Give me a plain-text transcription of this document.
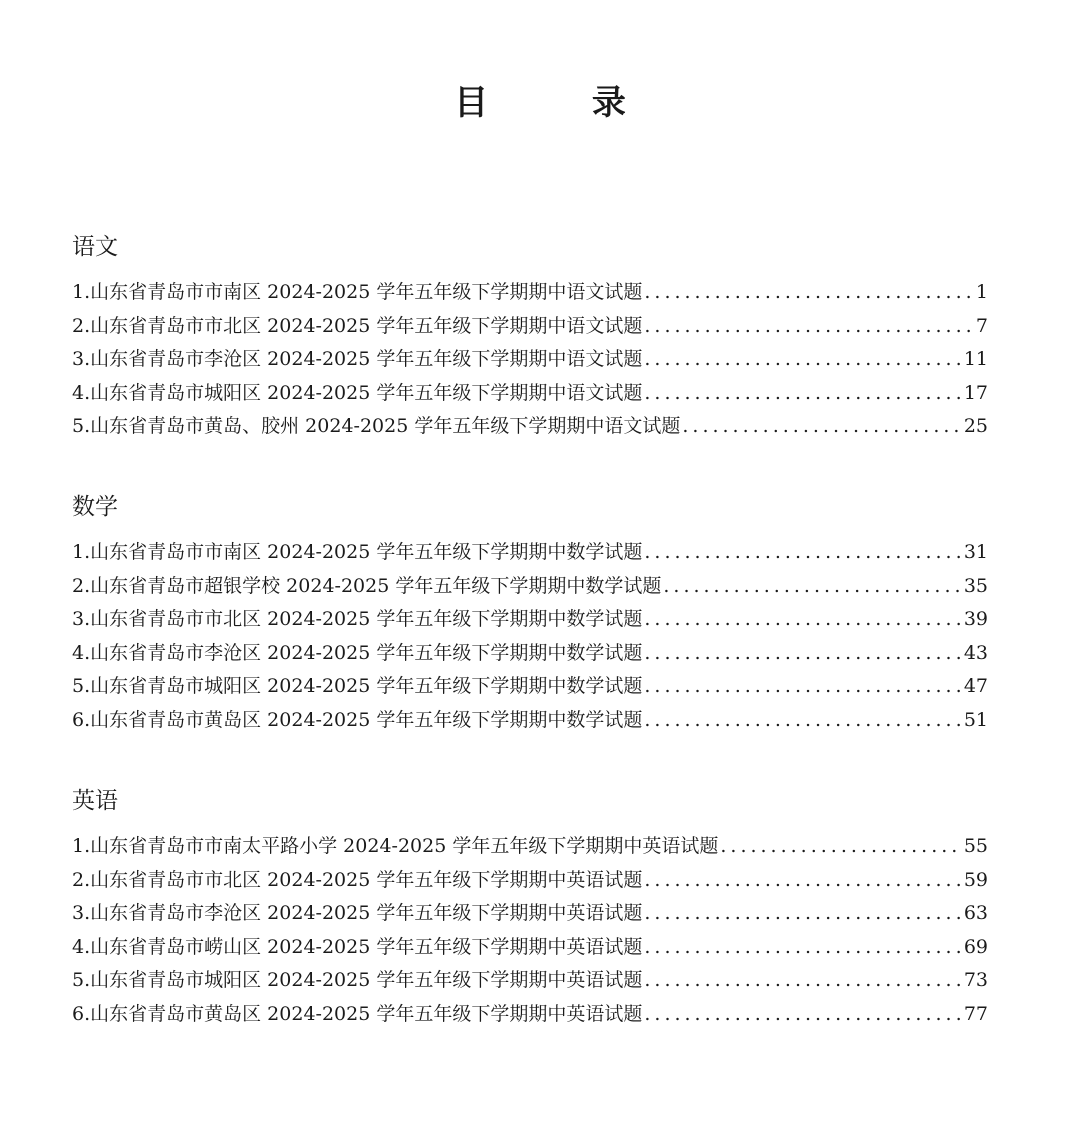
目 录
语文
1. 山东省青岛市市南区 2024-2025 学年五年级下学期期中语文试题 .....	1
2. 山东省青岛市市北区 2024-2025 学年五年级下学期期中语文试题 .....	7
3. 山东省青岛市李沧区 2024-2025 学年五年级下学期期中语文试题 .....	11
4. 山东省青岛市城阳区 2024-2025 学年五年级下学期期中语文试题 .....	17
5. 山东省青岛市黄岛、胶州 2024-2025 学年五年级下学期期中语文试题 .....	25
数学
1. 山东省青岛市市南区 2024-2025 学年五年级下学期期中数学试题 .....	31
2. 山东省青岛市超银学校 2024-2025 学年五年级下学期期中数学试题 .....	35
3. 山东省青岛市市北区 2024-2025 学年五年级下学期期中数学试题 .....	39
4. 山东省青岛市李沧区 2024-2025 学年五年级下学期期中数学试题 .....	43
5. 山东省青岛市城阳区 2024-2025 学年五年级下学期期中数学试题 .....	47
6. 山东省青岛市黄岛区 2024-2025 学年五年级下学期期中数学试题 .....	51
英语
1. 山东省青岛市市南太平路小学 2024-2025 学年五年级下学期期中英语试题 .....	55
2. 山东省青岛市市北区 2024-2025 学年五年级下学期期中英语试题 .....	59
3. 山东省青岛市李沧区 2024-2025 学年五年级下学期期中英语试题 .....	63
4. 山东省青岛市崂山区 2024-2025 学年五年级下学期期中英语试题 .....	69
5. 山东省青岛市城阳区 2024-2025 学年五年级下学期期中英语试题 .....	73
6. 山东省青岛市黄岛区 2024-2025 学年五年级下学期期中英语试题 .....	77
